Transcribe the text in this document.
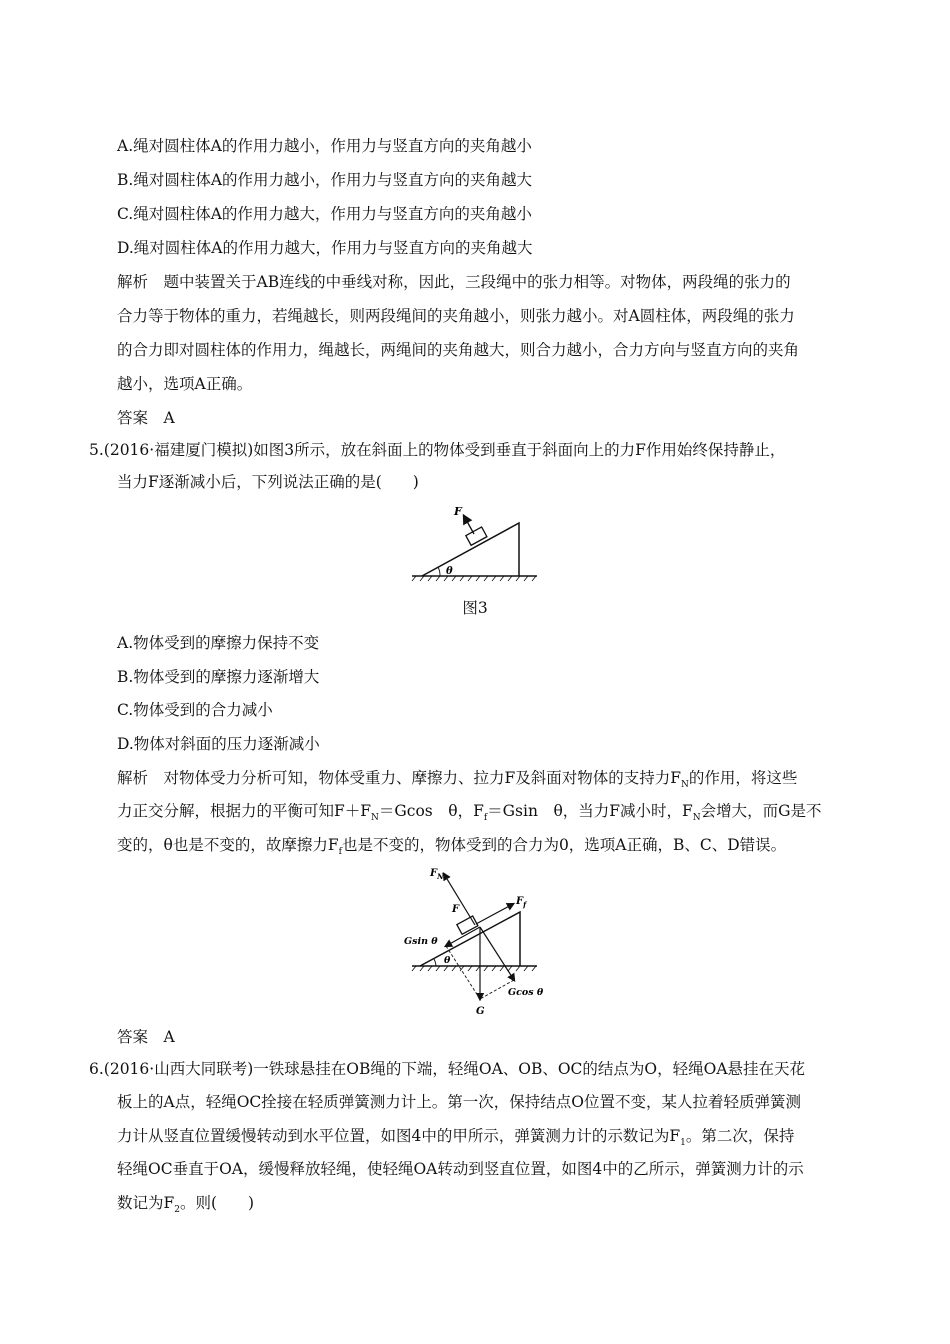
A.绳对圆柱体A的作用力越小，作用力与竖直方向的夹角越小
B.绳对圆柱体A的作用力越小，作用力与竖直方向的夹角越大
C.绳对圆柱体A的作用力越大，作用力与竖直方向的夹角越小
D.绳对圆柱体A的作用力越大，作用力与竖直方向的夹角越大
解析　题中装置关于AB连线的中垂线对称，因此，三段绳中的张力相等。对物体，两段绳的张力的
合力等于物体的重力，若绳越长，则两段绳间的夹角越小，则张力越小。对A圆柱体，两段绳的张力
的合力即对圆柱体的作用力，绳越长，两绳间的夹角越大，则合力越小，合力方向与竖直方向的夹角
越小，选项A正确。
答案　A
5.(2016·福建厦门模拟)如图3所示，放在斜面上的物体受到垂直于斜面向上的力F作用始终保持静止，
当力F逐渐减小后，下列说法正确的是(　　)
F
θ
图3
A.物体受到的摩擦力保持不变
B.物体受到的摩擦力逐渐增大
C.物体受到的合力减小
D.物体对斜面的压力逐渐减小
解析　对物体受力分析可知，物体受重力、摩擦力、拉力F及斜面对物体的支持力$F_N$的作用，将这些
力正交分解，根据力的平衡可知$F+F_N=Gcos$　θ，$F_f=Gsin$　θ，当力F减小时，$F_N$会增大，而G是不
变的，θ也是不变的，故摩擦力$F_f$也是不变的，物体受到的合力为0，选项A正确，B、C、D错误。
$F_N$
F
$F_f$
Gsin θ
θ
Gcos θ
G
答案　A
6.(2016·山西大同联考)一铁球悬挂在OB绳的下端，轻绳OA、OB、OC的结点为O，轻绳OA悬挂在天花
板上的A点，轻绳OC拴接在轻质弹簧测力计上。第一次，保持结点O位置不变，某人拉着轻质弹簧测
力计从竖直位置缓慢转动到水平位置，如图4中的甲所示，弹簧测力计的示数记为$F_1$。第二次，保持
轻绳OC垂直于OA，缓慢释放轻绳，使轻绳OA转动到竖直位置，如图4中的乙所示，弹簧测力计的示
数记为$F_2$。则(　　)
